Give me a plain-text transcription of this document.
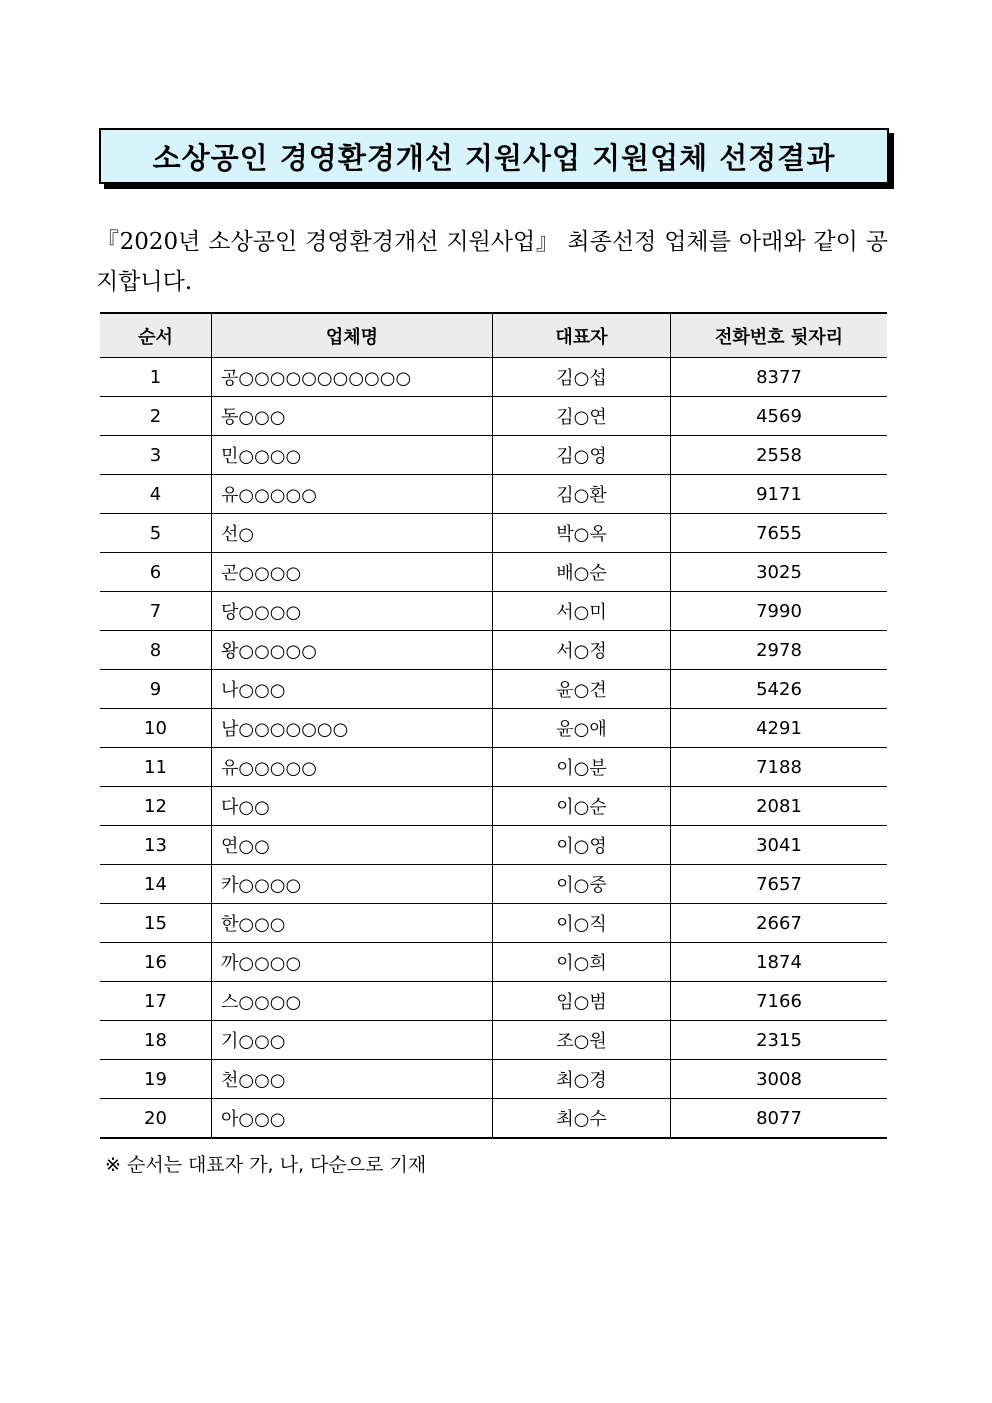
소상공인 경영환경개선 지원사업 지원업체 선정결과
『2020년 소상공인 경영환경개선 지원사업』 최종선정 업체를 아래와 같이 공지합니다.
순서	업체명	대표자	전화번호 뒷자리
1	공○○○○○○○○○○○	김○섭	8377
2	동○○○	김○연	4569
3	민○○○○	김○영	2558
4	유○○○○○	김○환	9171
5	선○	박○옥	7655
6	곤○○○○	배○순	3025
7	당○○○○	서○미	7990
8	왕○○○○○	서○정	2978
9	나○○○	윤○견	5426
10	남○○○○○○○	윤○애	4291
11	유○○○○○	이○분	7188
12	다○○	이○순	2081
13	연○○	이○영	3041
14	카○○○○	이○중	7657
15	한○○○	이○직	2667
16	까○○○○	이○희	1874
17	스○○○○	임○범	7166
18	기○○○	조○원	2315
19	천○○○	최○경	3008
20	아○○○	최○수	8077
※ 순서는 대표자 가, 나, 다순으로 기재
